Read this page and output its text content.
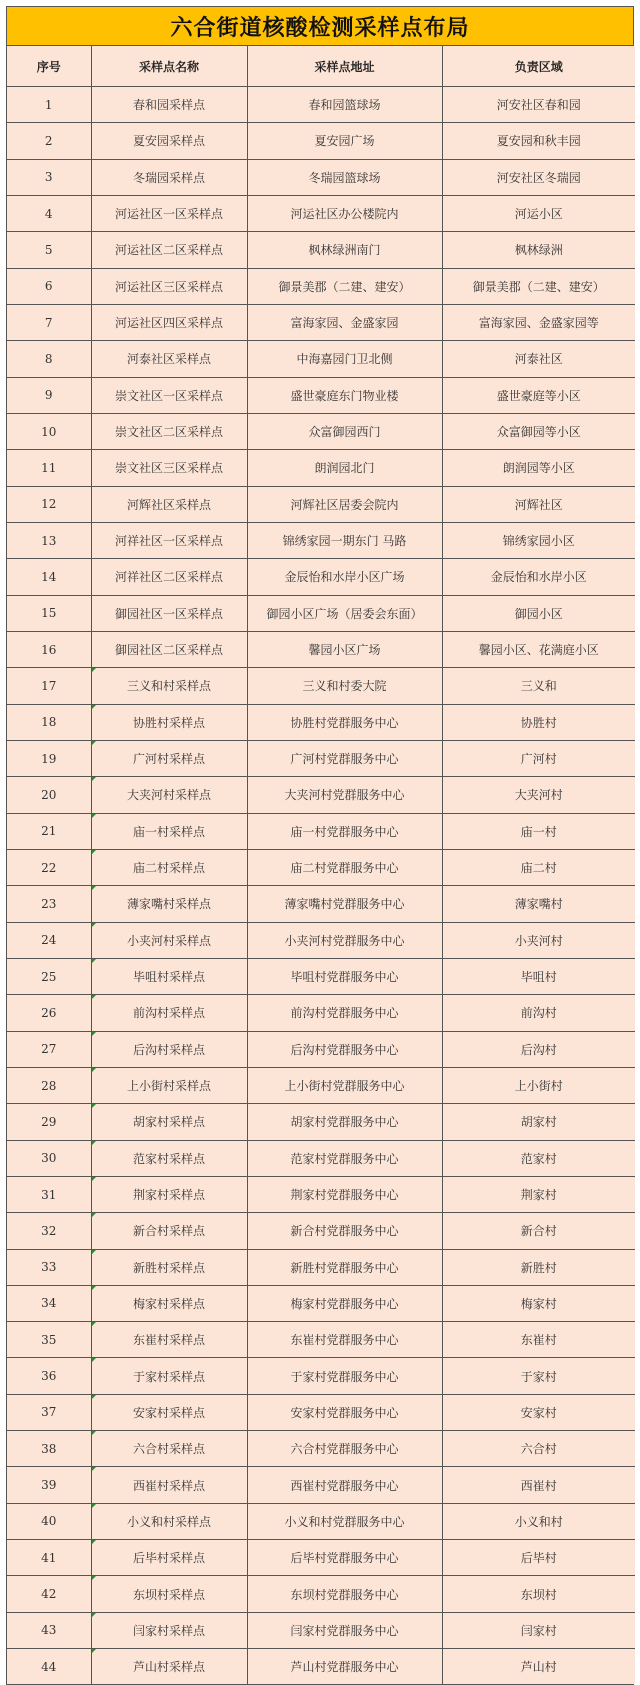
六合街道核酸检测采样点布局
序号	采样点名称	采样点地址	负责区域
1	春和园采样点	春和园篮球场	河安社区春和园
2	夏安园采样点	夏安园广场	夏安园和秋丰园
3	冬瑞园采样点	冬瑞园篮球场	河安社区冬瑞园
4	河运社区一区采样点	河运社区办公楼院内	河运小区
5	河运社区二区采样点	枫林绿洲南门	枫林绿洲
6	河运社区三区采样点	御景美郡（二建、建安）	御景美郡（二建、建安）
7	河运社区四区采样点	富海家园、金盛家园	富海家园、金盛家园等
8	河泰社区采样点	中海嘉园门卫北侧	河泰社区
9	崇文社区一区采样点	盛世豪庭东门物业楼	盛世豪庭等小区
10	崇文社区二区采样点	众富御园西门	众富御园等小区
11	崇文社区三区采样点	朗润园北门	朗润园等小区
12	河辉社区采样点	河辉社区居委会院内	河辉社区
13	河祥社区一区采样点	锦绣家园一期东门 马路	锦绣家园小区
14	河祥社区二区采样点	金辰怡和水岸小区广场	金辰怡和水岸小区
15	御园社区一区采样点	御园小区广场（居委会东面）	御园小区
16	御园社区二区采样点	馨园小区广场	馨园小区、花满庭小区
17	三义和村采样点	三义和村委大院	三义和
18	协胜村采样点	协胜村党群服务中心	协胜村
19	广河村采样点	广河村党群服务中心	广河村
20	大夹河村采样点	大夹河村党群服务中心	大夹河村
21	庙一村采样点	庙一村党群服务中心	庙一村
22	庙二村采样点	庙二村党群服务中心	庙二村
23	薄家嘴村采样点	薄家嘴村党群服务中心	薄家嘴村
24	小夹河村采样点	小夹河村党群服务中心	小夹河村
25	毕咀村采样点	毕咀村党群服务中心	毕咀村
26	前沟村采样点	前沟村党群服务中心	前沟村
27	后沟村采样点	后沟村党群服务中心	后沟村
28	上小街村采样点	上小街村党群服务中心	上小街村
29	胡家村采样点	胡家村党群服务中心	胡家村
30	范家村采样点	范家村党群服务中心	范家村
31	荆家村采样点	荆家村党群服务中心	荆家村
32	新合村采样点	新合村党群服务中心	新合村
33	新胜村采样点	新胜村党群服务中心	新胜村
34	梅家村采样点	梅家村党群服务中心	梅家村
35	东崔村采样点	东崔村党群服务中心	东崔村
36	于家村采样点	于家村党群服务中心	于家村
37	安家村采样点	安家村党群服务中心	安家村
38	六合村采样点	六合村党群服务中心	六合村
39	西崔村采样点	西崔村党群服务中心	西崔村
40	小义和村采样点	小义和村党群服务中心	小义和村
41	后毕村采样点	后毕村党群服务中心	后毕村
42	东坝村采样点	东坝村党群服务中心	东坝村
43	闫家村采样点	闫家村党群服务中心	闫家村
44	芦山村采样点	芦山村党群服务中心	芦山村
